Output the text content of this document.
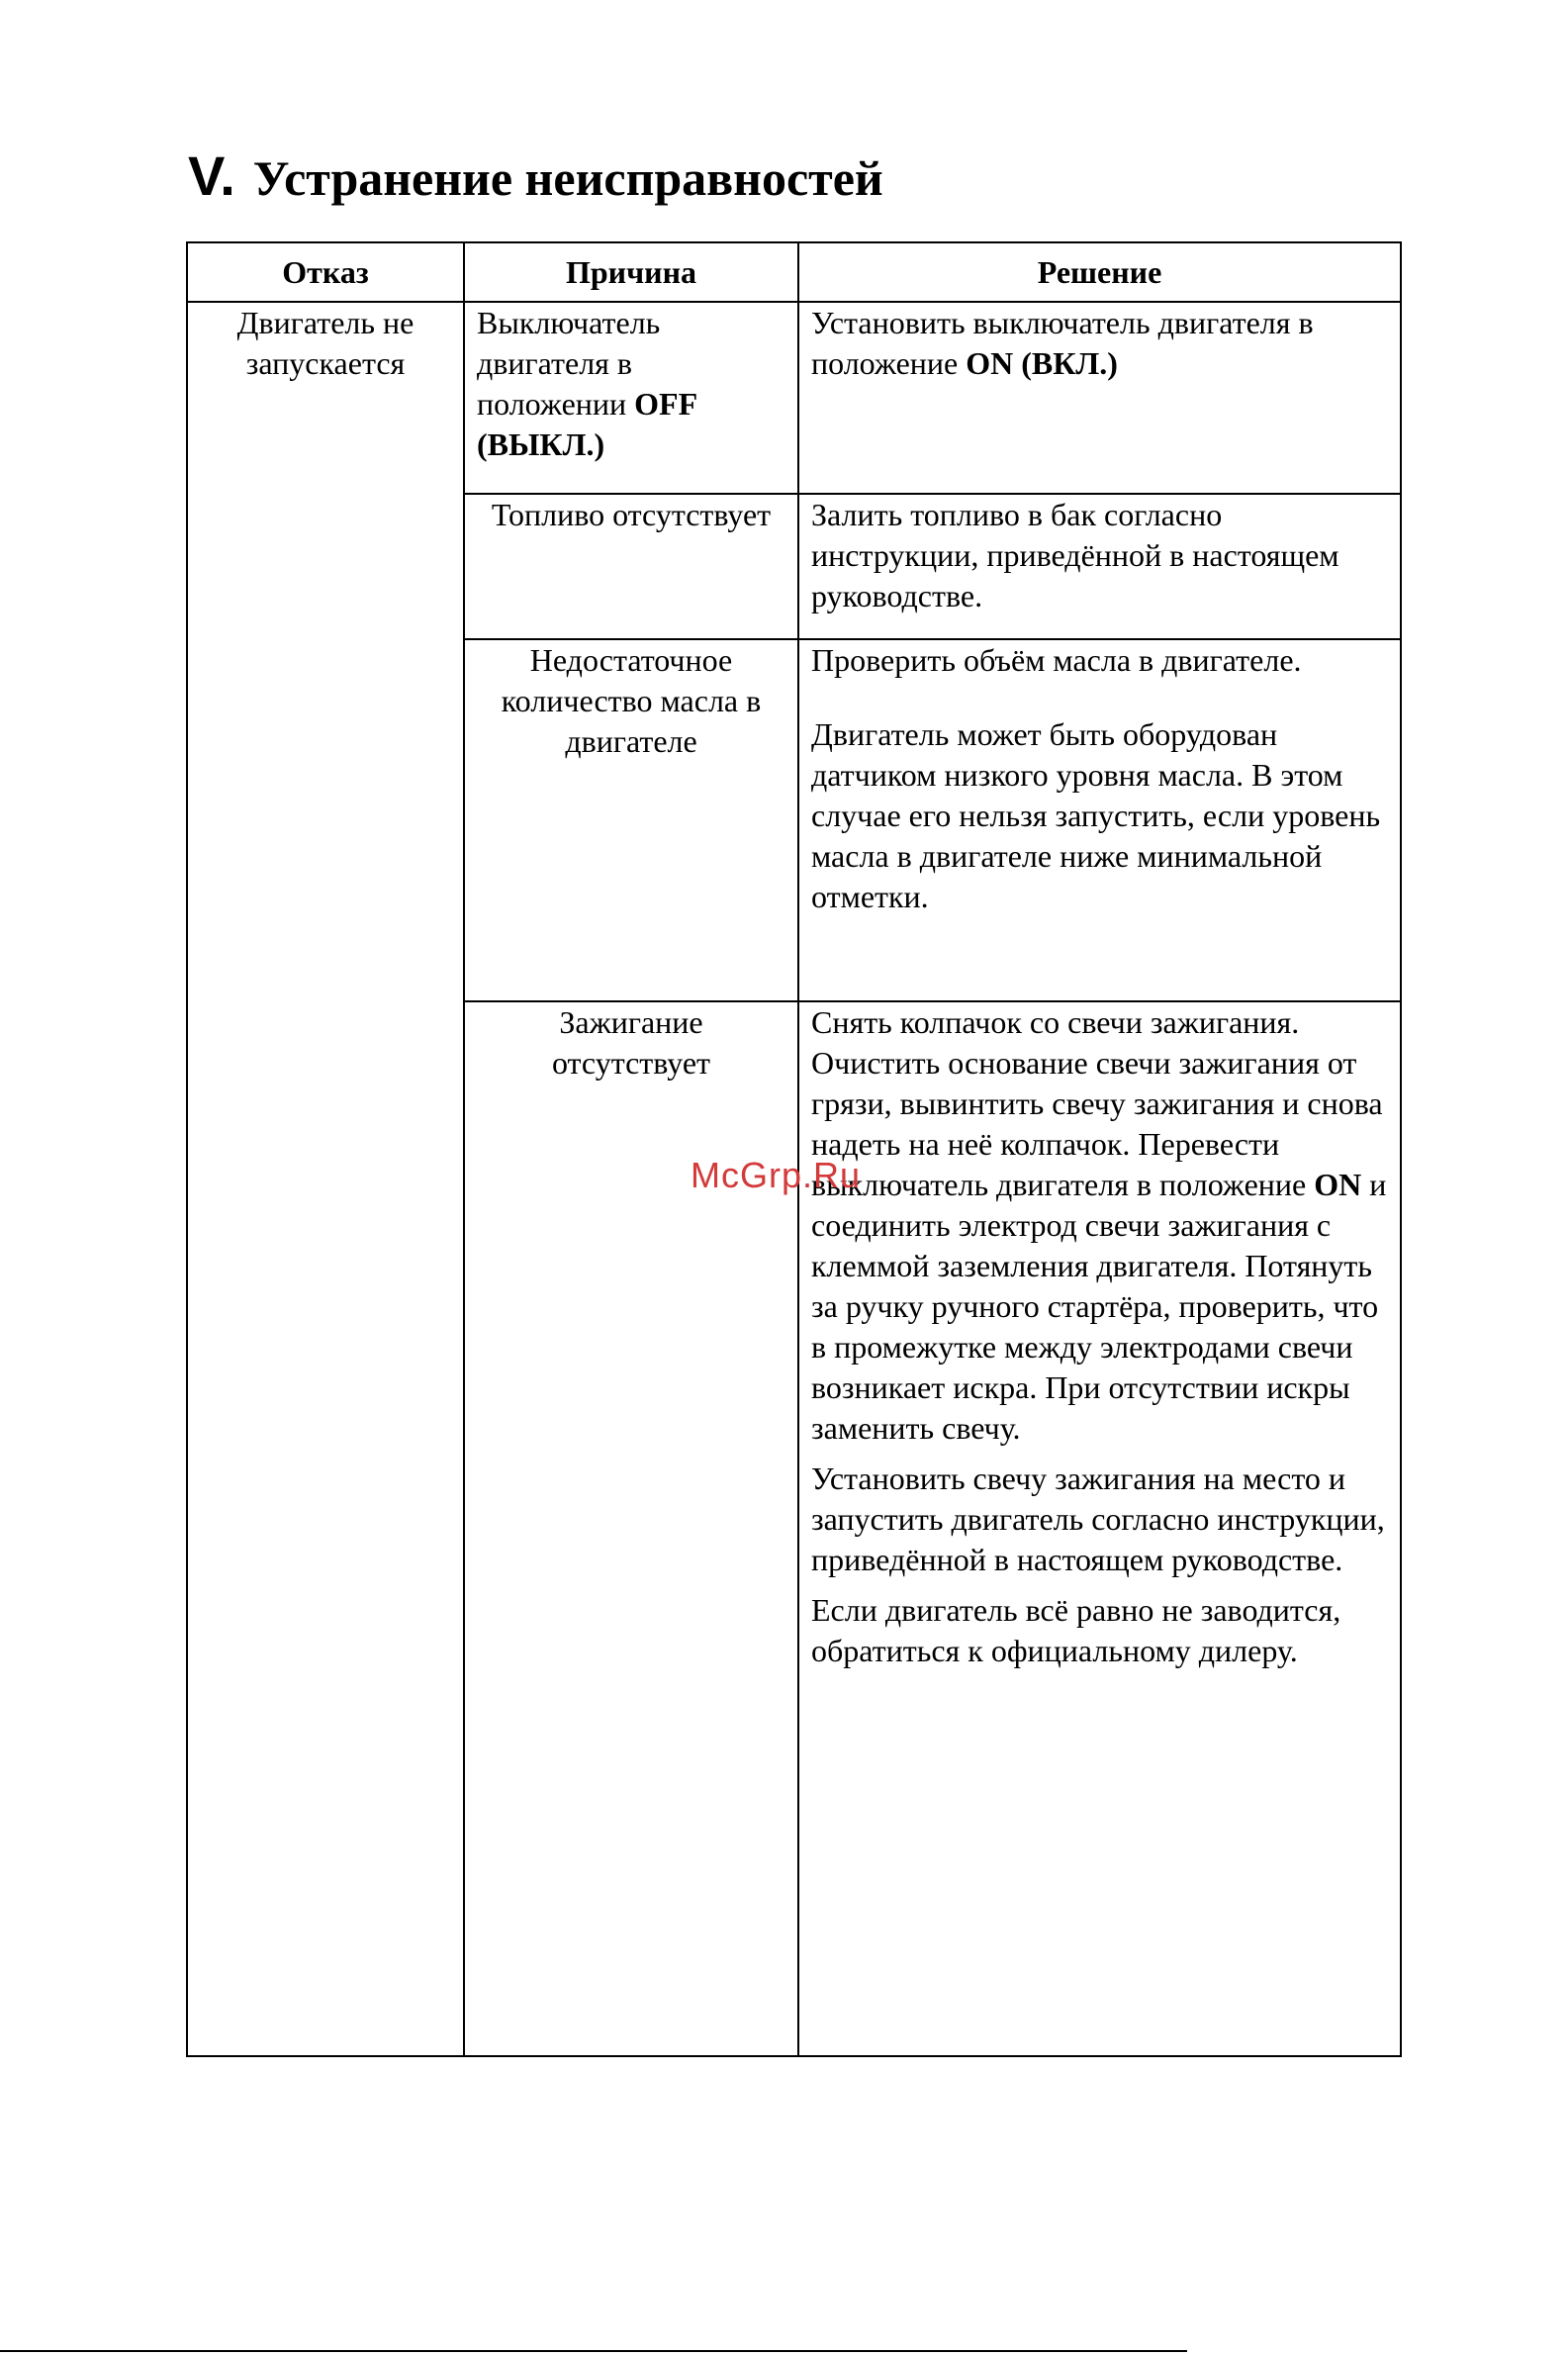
V. Устранение неисправностей
Отказ	Причина	Решение
Двигатель не запускается	Выключатель двигателя в положении OFF (ВЫКЛ.)	Установить выключатель двигателя в положение ON (ВКЛ.)
	Топливо отсутствует	Залить топливо в бак согласно инструкции, приведённой в настоящем руководстве.
	Недостаточное количество масла в двигателе	Проверить объём масла в двигателе.

Двигатель может быть оборудован датчиком низкого уровня масла. В этом случае его нельзя запустить, если уровень масла в двигателе ниже минимальной отметки.

	Зажигание отсутствует	Снять колпачок со свечи зажигания. Очистить основание свечи зажигания от грязи, вывинтить свечу зажигания и снова надеть на неё колпачок. Перевести выключатель двигателя в положение ON и соединить электрод свечи зажигания с клеммой заземления двигателя. Потянуть за ручку ручного стартёра, проверить, что в промежутке между электродами свечи возникает искра. При отсутствии искры заменить свечу.

Установить свечу зажигания на место и запустить двигатель согласно инструкции, приведённой в настоящем руководстве.

Если двигатель всё равно не заводится, обратиться к официальному дилеру.

McGrp.Ru
